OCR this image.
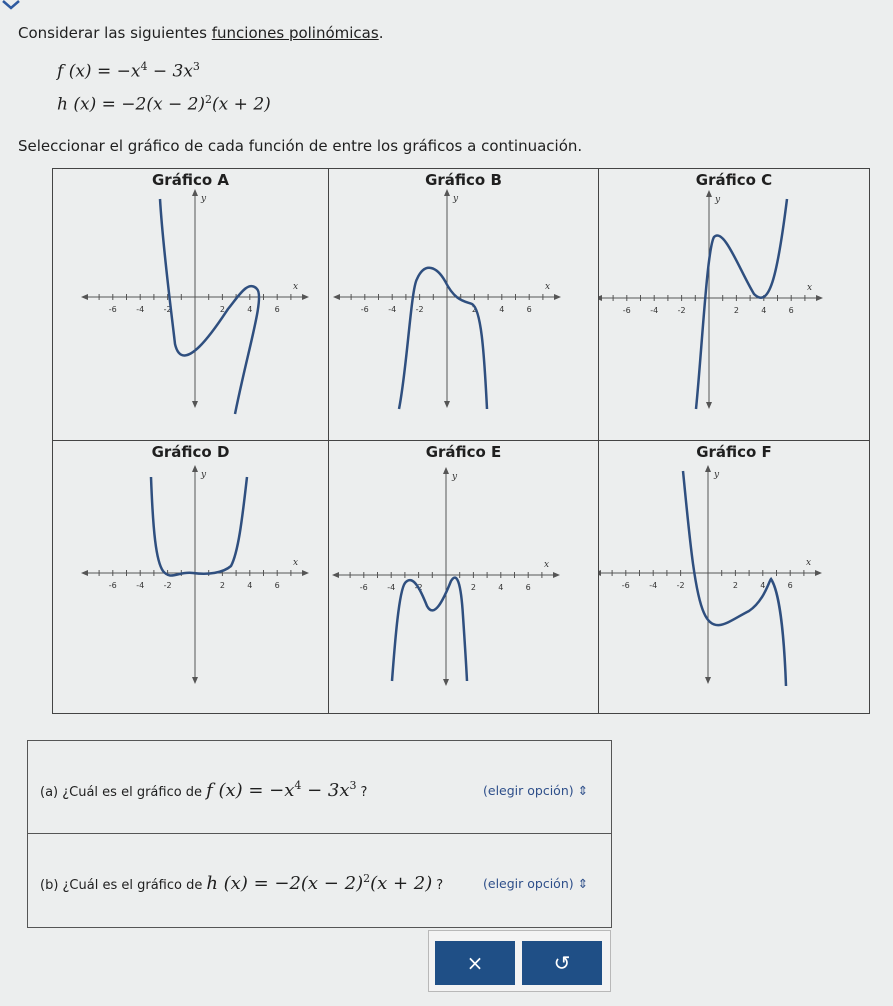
Considerar las siguientes funciones polinómicas.
f $(x) = -x^4 - 3x^3$
h $(x) = -2(x - 2)^2(x + 2)$
Seleccionar el gráfico de cada función de entre los gráficos a continuación.
Gráfico A
-6 -4 -2	2	4	6
x
y
Gráfico B
-6 -4 -2	2	4	6
x
y
Gráfico C
-6 -4 -2	2	4	6
x
y
Gráfico D
-6 -4 -2	2	4	6
x
y
Gráfico E
-6 -4 -2	2	4	6
x
y
Gráfico F
-6 -4 -2	2	4	6
x
y
(a) ¿Cuál es el gráfico de f $(x) = -x^4 - 3x^3$ ?	(elegir opción) ⇕
(b) ¿Cuál es el gráfico de h $(x) = -2(x - 2)^2(x + 2)$ ?	(elegir opción) ⇕
×	↺
